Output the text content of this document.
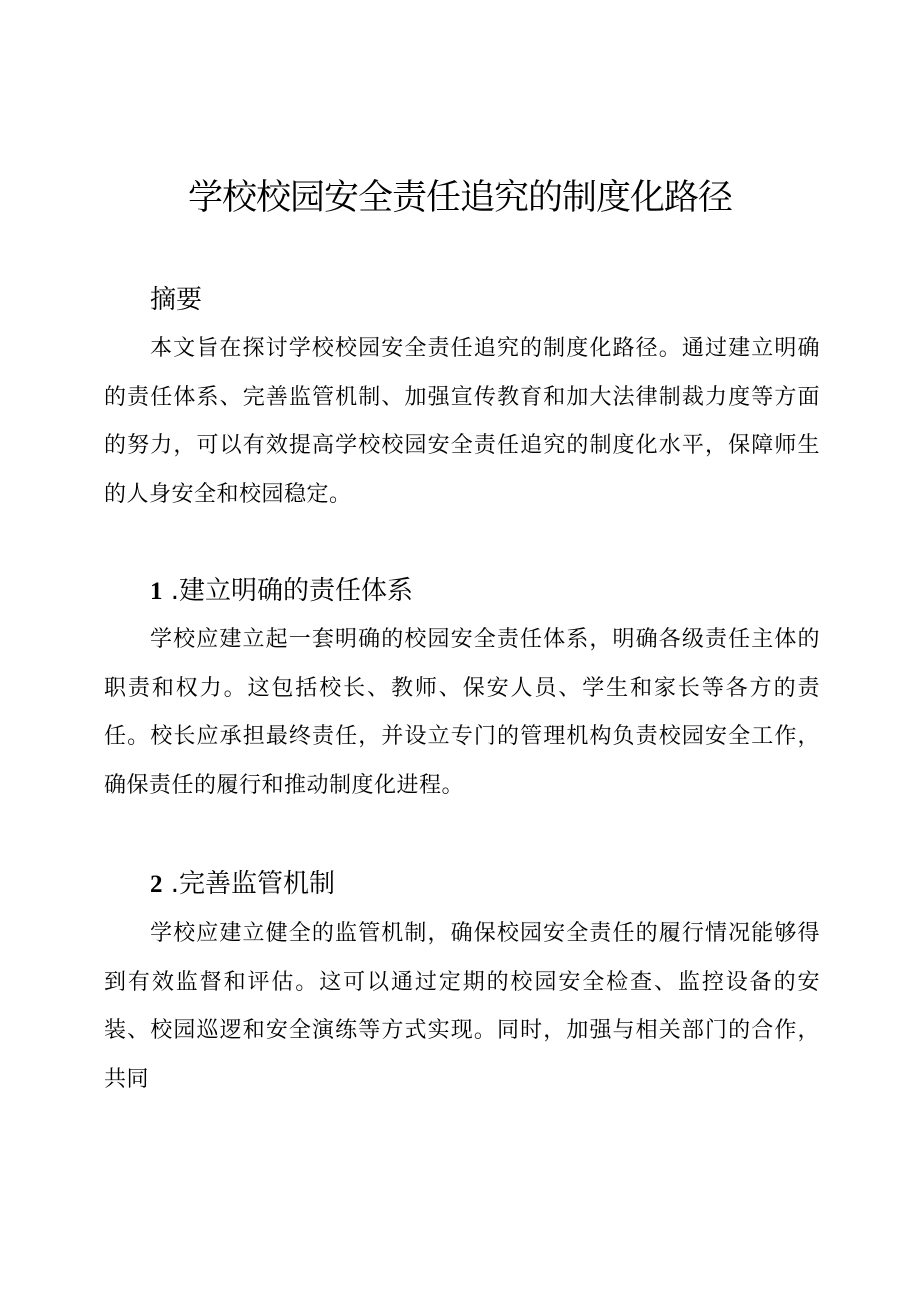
学校校园安全责任追究的制度化路径
摘要

本文旨在探讨学校校园安全责任追究的制度化路径。通过建立明确的责任体系、完善监管机制、加强宣传教育和加大法律制裁力度等方面的努力，可以有效提高学校校园安全责任追究的制度化水平，保障师生的人身安全和校园稳定。

1 .建立明确的责任体系

学校应建立起一套明确的校园安全责任体系，明确各级责任主体的职责和权力。这包括校长、教师、保安人员、学生和家长等各方的责任。校长应承担最终责任，并设立专门的管理机构负责校园安全工作，确保责任的履行和推动制度化进程。

2 .完善监管机制

学校应建立健全的监管机制，确保校园安全责任的履行情况能够得到有效监督和评估。这可以通过定期的校园安全检查、监控设备的安装、校园巡逻和安全演练等方式实现。同时，加强与相关部门的合作，共同
